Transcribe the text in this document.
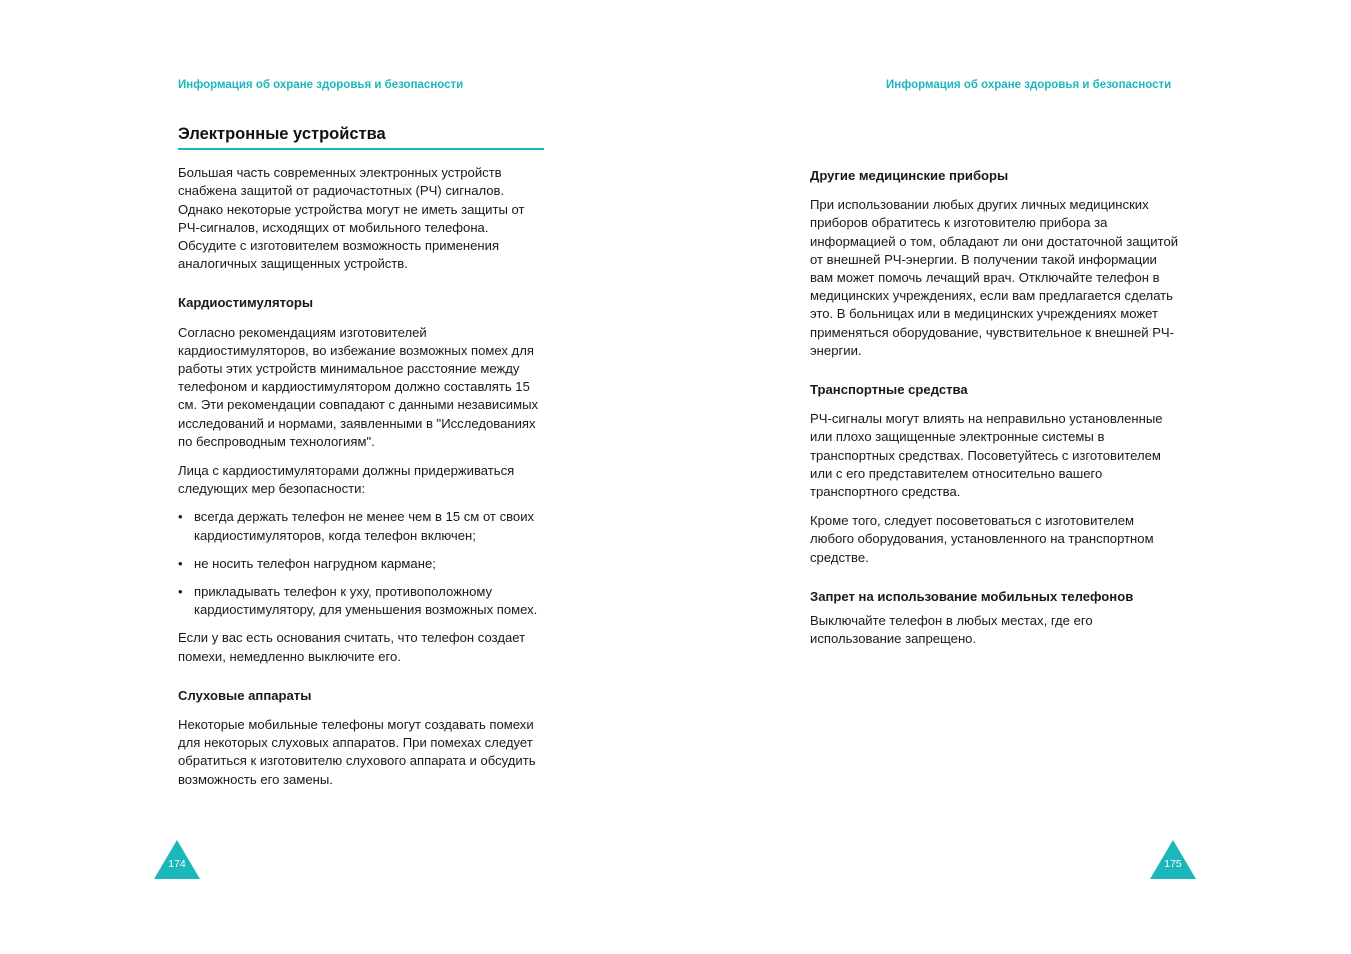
Информация об охране здоровья и безопасности
Электронные устройства

Большая часть современных электронных устройств снабжена защитой от радиочастотных (РЧ) сигналов. Однако некоторые устройства могут не иметь защиты от РЧ-сигналов, исходящих от мобильного телефона. Обсудите с изготовителем возможность применения аналогичных защищенных устройств.

Кардиостимуляторы

Согласно рекомендациям изготовителей кардиостимуляторов, во избежание возможных помех для работы этих устройств минимальное расстояние между телефоном и кардиостимулятором должно составлять 15 см. Эти рекомендации совпадают с данными независимых исследований и нормами, заявленными в "Исследованиях по беспроводным технологиям".

Лица с кардиостимуляторами должны придерживаться следующих мер безопасности:

• всегда держать телефон не менее чем в 15 см от своих кардиостимуляторов, когда телефон включен;
• не носить телефон нагрудном кармане;
• прикладывать телефон к уху, противоположному кардиостимулятору, для уменьшения возможных помех.

Если у вас есть основания считать, что телефон создает помехи, немедленно выключите его.

Слуховые аппараты

Некоторые мобильные телефоны могут создавать помехи для некоторых слуховых аппаратов. При помехах следует обратиться к изготовителю слухового аппарата и обсудить возможность его замены.

174
Информация об охране здоровья и безопасности

Другие медицинские приборы

При использовании любых других личных медицинских приборов обратитесь к изготовителю прибора за информацией о том, обладают ли они достаточной защитой от внешней РЧ-энергии. В получении такой информации вам может помочь лечащий врач. Отключайте телефон в медицинских учреждениях, если вам предлагается сделать это. В больницах или в медицинских учреждениях может применяться оборудование, чувствительное к внешней РЧ-энергии.

Транспортные средства

РЧ-сигналы могут влиять на неправильно установленные или плохо защищенные электронные системы в транспортных средствах. Посоветуйтесь с изготовителем или с его представителем относительно вашего транспортного средства.

Кроме того, следует посоветоваться с изготовителем любого оборудования, установленного на транспортном средстве.

Запрет на использование мобильных телефонов

Выключайте телефон в любых местах, где его использование запрещено.

175
